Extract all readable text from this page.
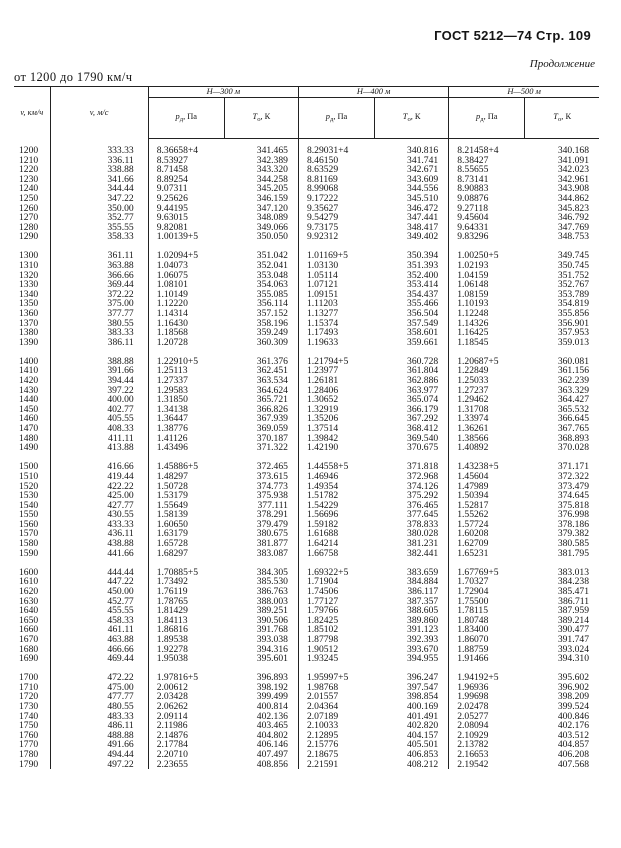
ГОСТ 5212—74 Стр. 109
Продолжение
от 1200 до 1790 км/ч
v, км/ч	v, м/с	H—300 м		H—400 м		H—500 м	
		$p_д$, Па	$T_о$, К	$p_д$, Па	$T_о$, К	$p_д$, Па	$T_о$, К
1200	333.33	8.36658+4	341.465	8.29031+4	340.816	8.21458+4	340.168
1210	336.11	8.53927	342.389	8.46150	341.741	8.38427	341.091
1220	338.88	8.71458	343.320	8.63529	342.671	8.55655	342.023
1230	341.66	8.89254	344.258	8.81169	343.609	8.73141	342.961
1240	344.44	9.07311	345.205	8.99068	344.556	8.90883	343.908
1250	347.22	9.25626	346.159	9.17222	345.510	9.08876	344.862
1260	350.00	9.44195	347.120	9.35627	346.472	9.27118	345.823
1270	352.77	9.63015	348.089	9.54279	347.441	9.45604	346.792
1280	355.55	9.82081	349.066	9.73175	348.417	9.64331	347.769
1290	358.33	1.00139+5	350.050	9.92312	349.402	9.83296	348.753

1300	361.11	1.02094+5	351.042	1.01169+5	350.394	1.00250+5	349.745
1310	363.88	1.04073	352.041	1.03130	351.393	1.02193	350.745
1320	366.66	1.06075	353.048	1.05114	352.400	1.04159	351.752
1330	369.44	1.08101	354.063	1.07121	353.414	1.06148	352.767
1340	372.22	1.10149	355.085	1.09151	354.437	1.08159	353.789
1350	375.00	1.12220	356.114	1.11203	355.466	1.10193	354.819
1360	377.77	1.14314	357.152	1.13277	356.504	1.12248	355.856
1370	380.55	1.16430	358.196	1.15374	357.549	1.14326	356.901
1380	383.33	1.18568	359.249	1.17493	358.601	1.16425	357.953
1390	386.11	1.20728	360.309	1.19633	359.661	1.18545	359.013

1400	388.88	1.22910+5	361.376	1.21794+5	360.728	1.20687+5	360.081
1410	391.66	1.25113	362.451	1.23977	361.804	1.22849	361.156
1420	394.44	1.27337	363.534	1.26181	362.886	1.25033	362.239
1430	397.22	1.29583	364.624	1.28406	363.977	1.27237	363.329
1440	400.00	1.31850	365.721	1.30652	365.074	1.29462	364.427
1450	402.77	1.34138	366.826	1.32919	366.179	1.31708	365.532
1460	405.55	1.36447	367.939	1.35206	367.292	1.33974	366.645
1470	408.33	1.38776	369.059	1.37514	368.412	1.36261	367.765
1480	411.11	1.41126	370.187	1.39842	369.540	1.38566	368.893
1490	413.88	1.43496	371.322	1.42190	370.675	1.40892	370.028

1500	416.66	1.45886+5	372.465	1.44558+5	371.818	1.43238+5	371.171
1510	419.44	1.48297	373.615	1.46946	372.968	1.45604	372.322
1520	422.22	1.50728	374.773	1.49354	374.126	1.47989	373.479
1530	425.00	1.53179	375.938	1.51782	375.292	1.50394	374.645
1540	427.77	1.55649	377.111	1.54229	376.465	1.52817	375.818
1550	430.55	1.58139	378.291	1.56696	377.645	1.55262	376.998
1560	433.33	1.60650	379.479	1.59182	378.833	1.57724	378.186
1570	436.11	1.63179	380.675	1.61688	380.028	1.60208	379.382
1580	438.88	1.65728	381.877	1.64214	381.231	1.62709	380.585
1590	441.66	1.68297	383.087	1.66758	382.441	1.65231	381.795

1600	444.44	1.70885+5	384.305	1.69322+5	383.659	1.67769+5	383.013
1610	447.22	1.73492	385.530	1.71904	384.884	1.70327	384.238
1620	450.00	1.76119	386.763	1.74506	386.117	1.72904	385.471
1630	452.77	1.78765	388.003	1.77127	387.357	1.75500	386.711
1640	455.55	1.81429	389.251	1.79766	388.605	1.78115	387.959
1650	458.33	1.84113	390.506	1.82425	389.860	1.80748	389.214
1660	461.11	1.86816	391.768	1.85102	391.123	1.83400	390.477
1670	463.88	1.89538	393.038	1.87798	392.393	1.86070	391.747
1680	466.66	1.92278	394.316	1.90512	393.670	1.88759	393.024
1690	469.44	1.95038	395.601	1.93245	394.955	1.91466	394.310

1700	472.22	1.97816+5	396.893	1.95997+5	396.247	1.94192+5	395.602
1710	475.00	2.00612	398.192	1.98768	397.547	1.96936	396.902
1720	477.77	2.03428	399.499	2.01557	398.854	1.99698	398.209
1730	480.55	2.06262	400.814	2.04364	400.169	2.02478	399.524
1740	483.33	2.09114	402.136	2.07189	401.491	2.05277	400.846
1750	486.11	2.11986	403.465	2.10033	402.820	2.08094	402.176
1760	488.88	2.14876	404.802	2.12895	404.157	2.10929	403.512
1770	491.66	2.17784	406.146	2.15776	405.501	2.13782	404.857
1780	494.44	2.20710	407.497	2.18675	406.853	2.16653	406.208
1790	497.22	2.23655	408.856	2.21591	408.212	2.19542	407.568
